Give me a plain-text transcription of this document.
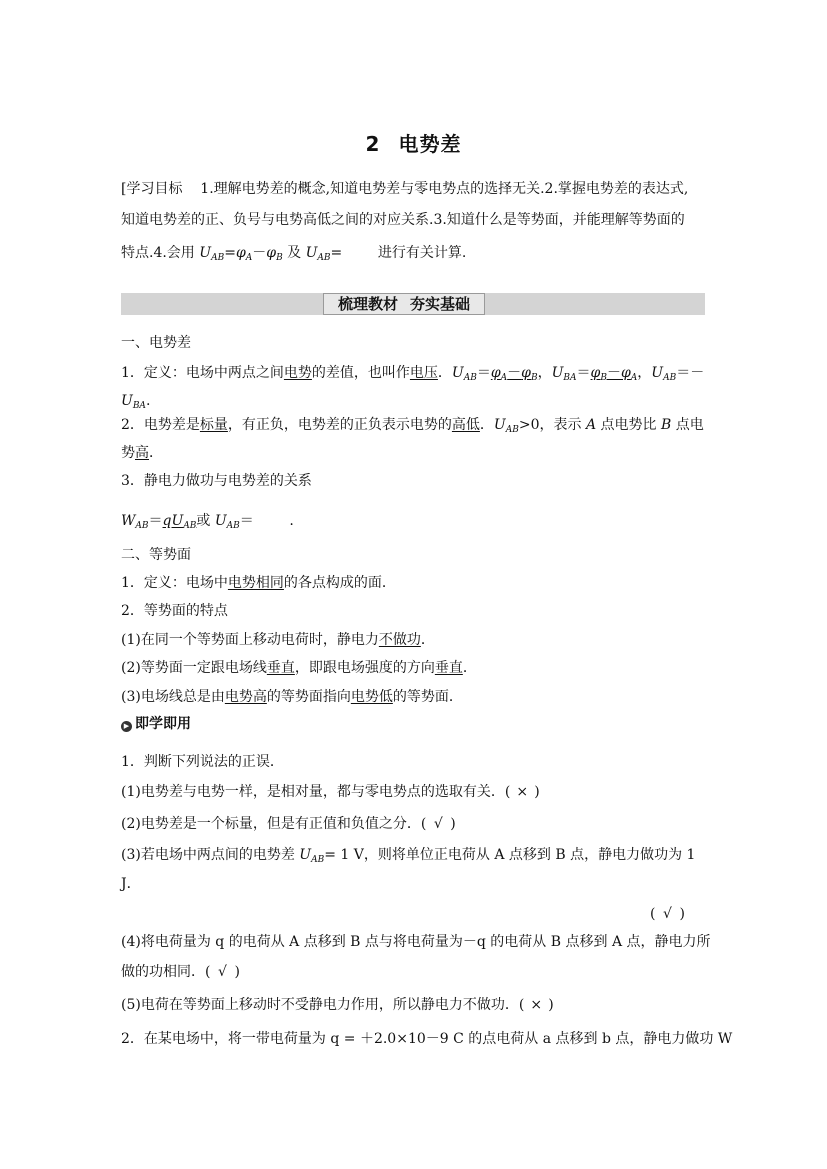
2 电势差
[学习目标 1.理解电势差的概念,知道电势差与零电势点的选择无关.2.掌握电势差的表达式,
知道电势差的正、负号与电势高低之间的对应关系.3.知道什么是等势面，并能理解等势面的
特点.4.会用 $U_{AB}=\varphi_A-\varphi_B$ 及 $U_{AB}=$        进行有关计算.
梳理教材 夯实基础
一、电势差
1．定义：电场中两点之间电势的差值，也叫作电压．$U_{AB}=\varphi_A-\varphi_B$，$U_{BA}=\varphi_B-\varphi_A$，$U_{AB}=-$
$U_{BA}$.
2．电势差是标量，有正负，电势差的正负表示电势的高低．$U_{AB}>0$，表示 A 点电势比 B 点电
势高．
3．静电力做功与电势差的关系
$W_{AB}=qU_{AB}$或 $U_{AB}=$        .
二、等势面
1．定义：电场中电势相同的各点构成的面．
2．等势面的特点
(1)在同一个等势面上移动电荷时，静电力不做功．
(2)等势面一定跟电场线垂直，即跟电场强度的方向垂直．
(3)电场线总是由电势高的等势面指向电势低的等势面．
▶ 即学即用
1．判断下列说法的正误．
(1)电势差与电势一样，是相对量，都与零电势点的选取有关．( × )
(2)电势差是一个标量，但是有正值和负值之分．( √ )
(3)若电场中两点间的电势差 $U_{AB}= 1$ V，则将单位正电荷从 A 点移到 B 点，静电力做功为 1
J．
( √ )
(4)将电荷量为 q 的电荷从 A 点移到 B 点与将电荷量为－q 的电荷从 B 点移到 A 点，静电力所
做的功相同．( √ )
(5)电荷在等势面上移动时不受静电力作用，所以静电力不做功．( × )
2．在某电场中，将一带电荷量为 q = ＋2.0×10－9 C 的点电荷从 a 点移到 b 点，静电力做功 W
